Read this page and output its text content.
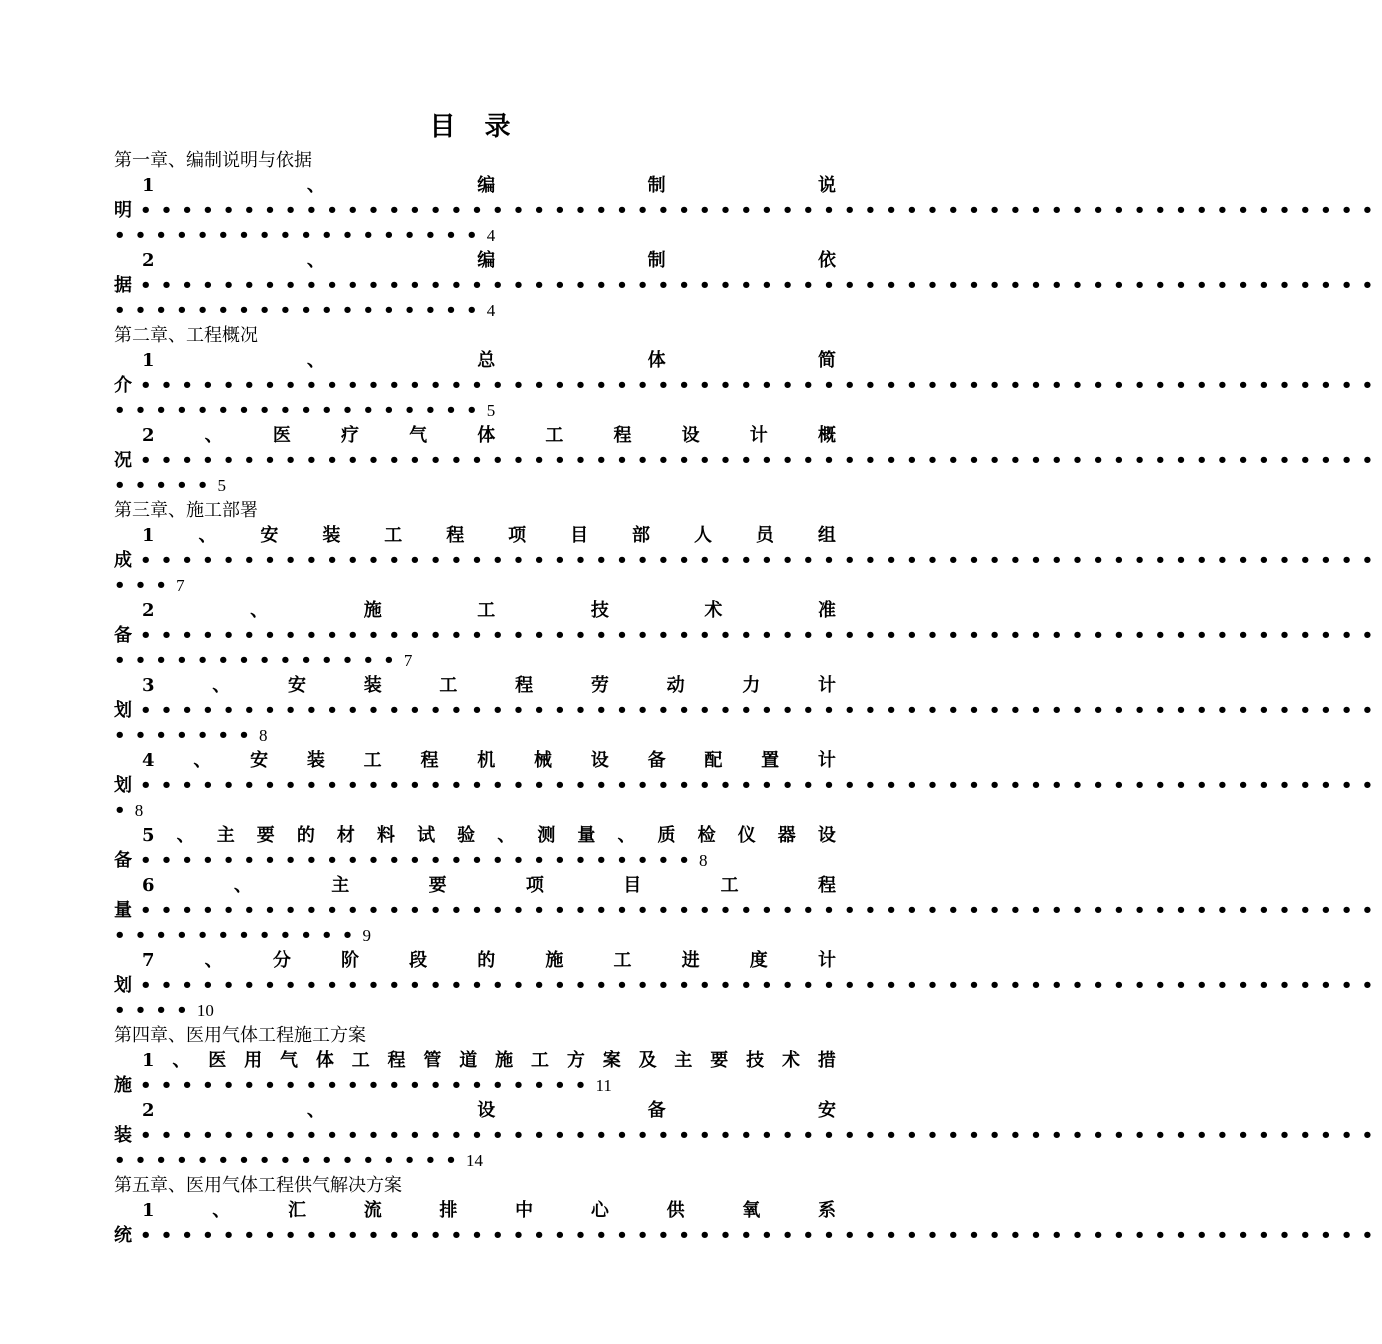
目 录
第一章、编制说明与依据
1	、	编	制	说
明 ••••••••••••••••••••••••••••••••••••••••••••••••••••••••••••
•••••••••••••••••• 4
2	、	编	制	依
据 ••••••••••••••••••••••••••••••••••••••••••••••••••••••••••••
•••••••••••••••••• 4
第二章、工程概况
1	、	总	体	简
介 ••••••••••••••••••••••••••••••••••••••••••••••••••••••••••••
•••••••••••••••••• 5
2	、	医	疗	气	体	工	程	设	计	概
况 ••••••••••••••••••••••••••••••••••••••••••••••••••••••••••••
••••• 5
第三章、施工部署
1 、 安 装 工 程 项 目 部 人 员 组
成 ••••••••••••••••••••••••••••••••••••••••••••••••••••••••••••
••• 7
2	、	施	工	技	术	准
备 ••••••••••••••••••••••••••••••••••••••••••••••••••••••••••••
•••••••••••••• 7
3	、	安	装	工	程	劳	动	力	计
划 ••••••••••••••••••••••••••••••••••••••••••••••••••••••••••••
••••••• 8
4 、 安 装 工 程 机 械 设 备 配 置 计
划 ••••••••••••••••••••••••••••••••••••••••••••••••••••••••••••
• 8
5 、 主 要 的 材 料 试 验 、 测 量 、 质 检 仪 器 设
备 ••••••••••••••••••••••••••• 8
6	、	主	要	项	目	工	程
量 ••••••••••••••••••••••••••••••••••••••••••••••••••••••••••••
•••••••••••• 9
7	、	分	阶	段	的	施	工	进	度	计
划 ••••••••••••••••••••••••••••••••••••••••••••••••••••••••••••
•••• 10
第四章、医用气体工程施工方案
1 、 医 用 气 体 工 程 管 道 施 工 方 案 及 主 要 技 术 措
施 •••••••••••••••••••••• 11
2	、	设	备	安
装 ••••••••••••••••••••••••••••••••••••••••••••••••••••••••••••
••••••••••••••••• 14
第五章、医用气体工程供气解决方案
1	、	汇	流	排	中	心	供	氧	系
统 ••••••••••••••••••••••••••••••••••••••••••••••••••••••••••••
